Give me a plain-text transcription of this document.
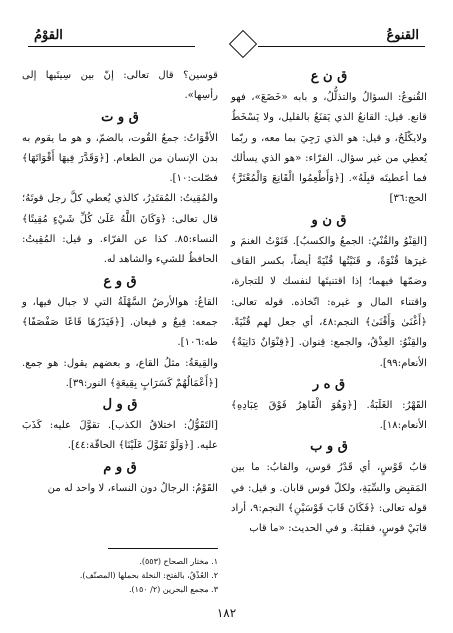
القنوعُ
القوْمُ
ق ن ع

القُنوعُ: السؤالُ والتذلُّلُ، و بابه «خَضَعَ»، فهو قانع. قيل: القانعُ الذي يَقنَعُ بالقليل، ولا يَسْخَطُ ولايكْلَحُ، و قيل: هو الذي رَجِيَ بما معه، و ربّما يُعطِي من غير سؤال. الفرّاء: «هو الذي يسألك فما أعطيتَه قبِلَهُ». [﴿وَأَطْعِمُوا الْقَانِعَ وَالْمُعْتَرَّ﴾ الحج:٣٦]

ق ن و

[القِنْوُ والقُنْيُ: الجمعُ والكسبُ]. قَنَوْتُ الغنمَ و غيرَها قُنْوَةً، و قَنَيْتُها قُنْيَةً أيضاً، بكسر القاف وضمّها فيهما؛ إذا اقتنيتَها لنفسك لا للتجارة، واقتناء المال و غيره: اتّخاذه. قوله تعالى: ﴿أَغْنَىٰ وَأَقْنَىٰ﴾ النجم:٤٨، أي جعل لهم قُنْيَةً. والقِنْوُ: العِذْقُ، والجمع: قِنوان. [﴿قِنْوَانٌ دَانِيَةٌ﴾ الأنعام:٩٩].

ق ه ر

القَهْرُ: الغَلَبَةُ. [﴿وَهُوَ الْقَاهِرُ فَوْقَ عِبَادِهِ﴾ الأنعام:١٨].

ق و ب

قابُ قَوْسٍ، أي قَدْرُ قوس، والقابُ: ما بين المَقبِض والسِّيَةِ، ولكلّ قوس قابان. و قيل: في قوله تعالى: ﴿فَكَانَ قَابَ قَوْسَيْنِ﴾ النجم:٩، أراد قابَيْ قوسٍ، فقلبَهُ. و في الحديث: «ما قاب

قوسين؟ قال تعالى: إنّ بين سِيتَيها إلى رأسِها».

ق و ت

الأقْوَاتُ: جمعُ القُوت، بالضمّ، و هو ما يقوم به بدن الإنسان من الطعام. [﴿وَقَدَّرَ فِيهَا أَقْوَاتَهَا﴾ فصّلت:١٠].

والمُقِيتُ: المُقتَدِرُ، كالذي يُعطي كلَّ رجل قوتَهُ؛ قال تعالى: ﴿وَكَانَ اللَّهُ عَلَىٰ كُلِّ شَيْءٍ مُقِيتًا﴾ النساء:٨٥. كذا عن الفرّاء. و قيل: المُقِيتُ: الحافظُ للشيء والشاهد له.

ق و ع

القاعُ: هوالأرضُ السَّهْلَةُ التي لا جبال فيها، و جمعه: قِيعٌ و قيعان. [﴿فَيَذَرُهَا قَاعًا صَفْصَفًا﴾ طه:١٠٦].

والقِيعَةُ: مثلُ القاع، و بعضهم يقول: هو جمع. [﴿أَعْمَالُهُمْ كَسَرَابٍ بِقِيعَةٍ﴾ النور:٣٩].

ق و ل

[التَقَوُّلُ: اختلاقُ الكذب]. تقوَّلَ عليه: كَذَبَ عليه. [﴿وَلَوْ تَقَوَّلَ عَلَيْنَا﴾ الحاقّة:٤٤].

ق و م

القَوْمُ: الرجالُ دون النساء، لا واحد له من

١. مختار الصحاح (٥٥٣).
٢. العُذْقُ، بالفتح: النخلة بحملها (المصنّف).
٣. مجمع البحرين (٢/ ١٥٠).
١٨٢
